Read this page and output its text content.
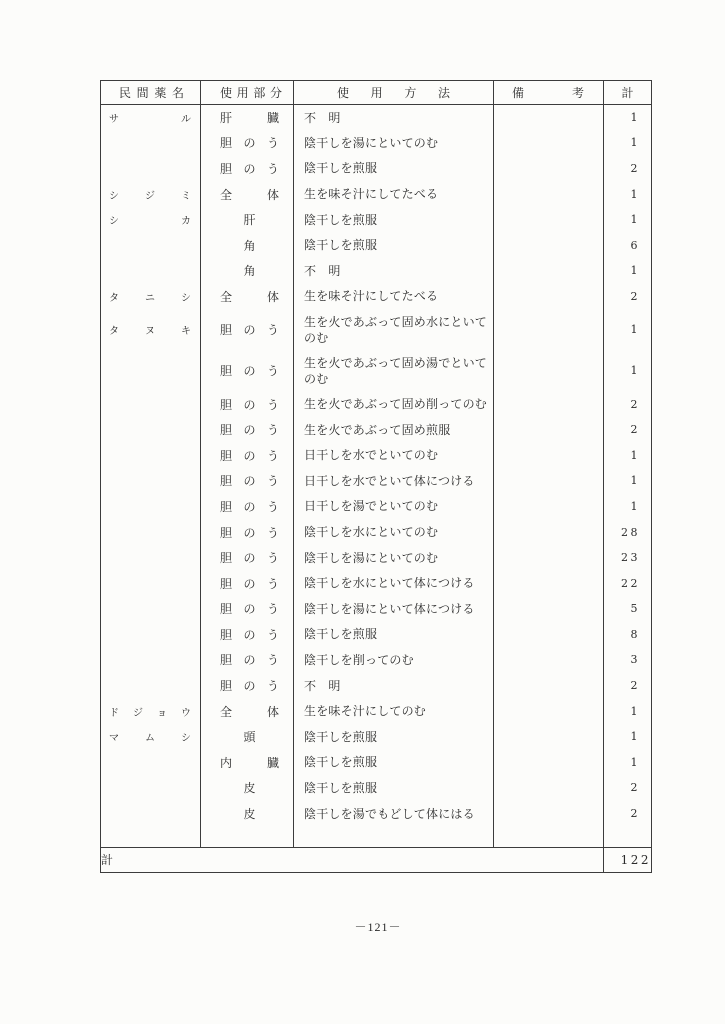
民 間 薬 名	使 用 部 分	使 用 方 法	備 考	計

サ ル	肝 臓	不　明		1

	胆 の う	陰干しを湯にといてのむ		1

	胆 の う	陰干しを煎服		2

シ ジ ミ	全 体	生を味そ汁にしてたべる		1

シ カ	肝	陰干しを煎服		1

	角	陰干しを煎服		6

	角	不　明		1

タ ニ シ	全 体	生を味そ汁にしてたべる		2

タ ヌ キ	胆 の う	生を火であぶって固め水にといてのむ		1

	胆 の う	生を火であぶって固め湯でといてのむ		1

	胆 の う	生を火であぶって固め削ってのむ		2

	胆 の う	生を火であぶって固め煎服		2

	胆 の う	日干しを水でといてのむ		1

	胆 の う	日干しを水でといて体につける		1

	胆 の う	日干しを湯でといてのむ		1

	胆 の う	陰干しを水にといてのむ		28

	胆 の う	陰干しを湯にといてのむ		23

	胆 の う	陰干しを水にといて体につける		22

	胆 の う	陰干しを湯にといて体につける		5

	胆 の う	陰干しを煎服		8

	胆 の う	陰干しを削ってのむ		3

	胆 の う	不　明		2

ド ジ ョ ウ	全 体	生を味そ汁にしてのむ		1

マ ム シ	頭	陰干しを煎服		1

	内 臓	陰干しを煎服		1

	皮	陰干しを煎服		2

	皮	陰干しを湯でもどして体にはる		2

計				122
－121－
